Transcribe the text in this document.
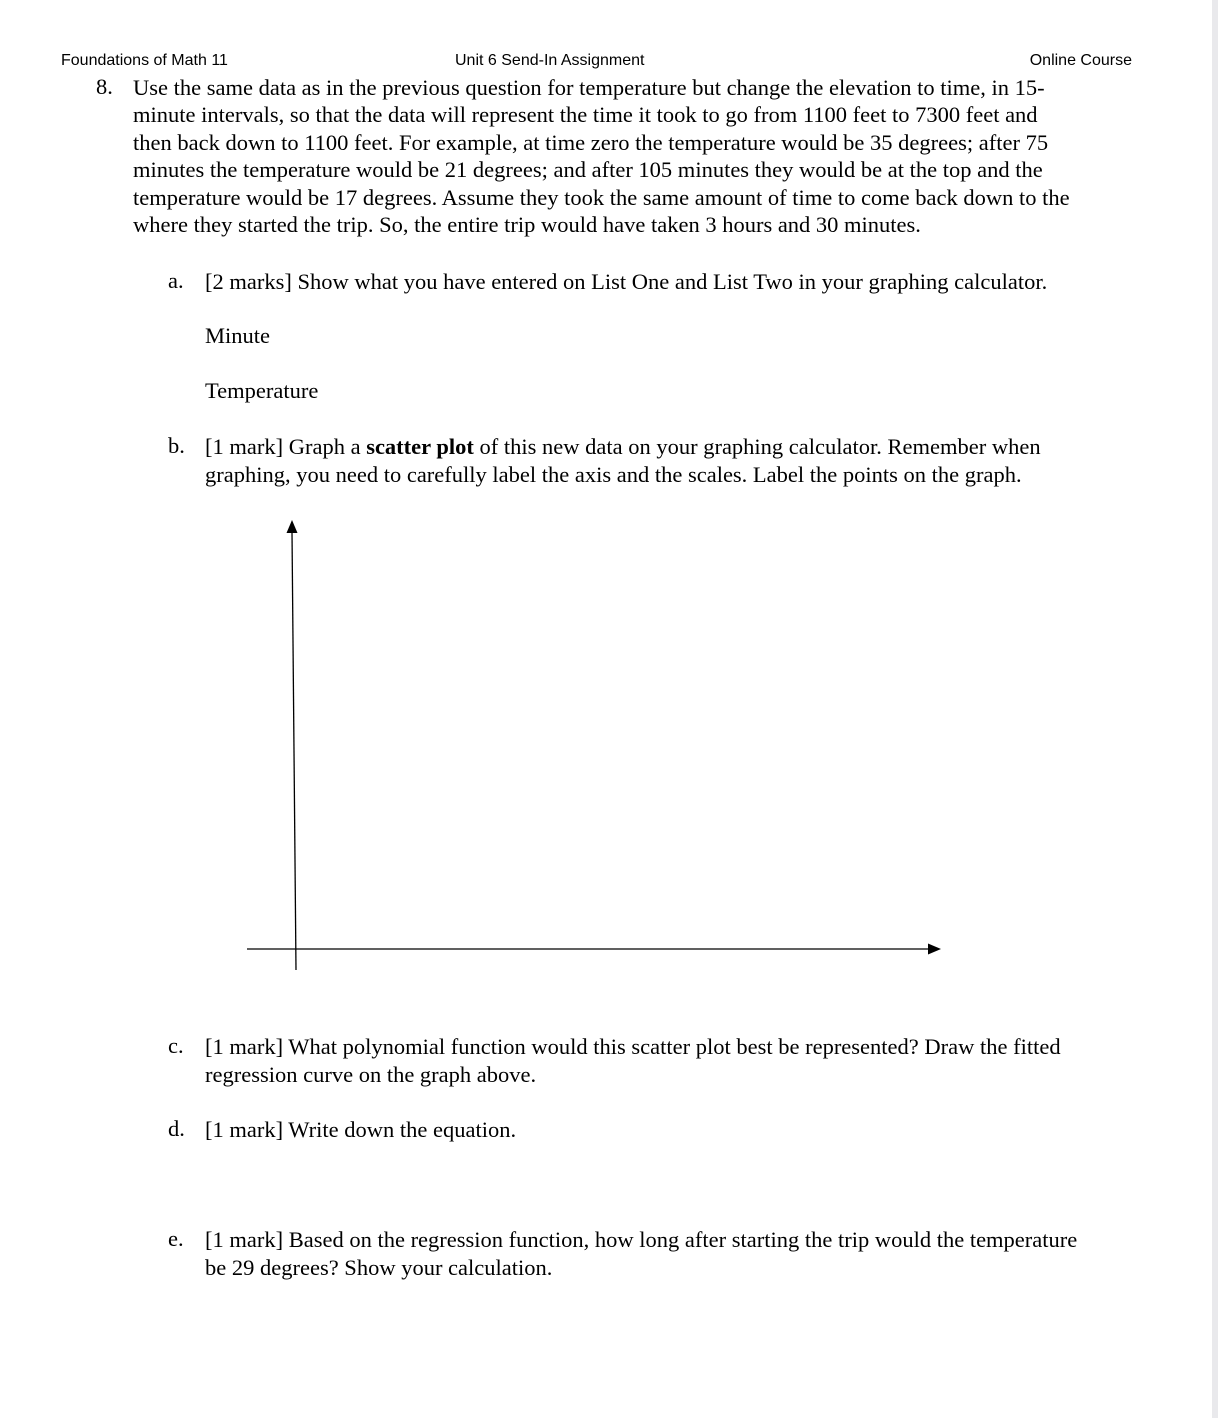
Foundations of Math 11	Unit 6 Send-In Assignment	Online Course
8. Use the same data as in the previous question for temperature but change the elevation to time, in 15-

minute intervals, so that the data will represent the time it took to go from 1100 feet to 7300 feet and

then back down to 1100 feet. For example, at time zero the temperature would be 35 degrees; after 75

minutes the temperature would be 21 degrees; and after 105 minutes they would be at the top and the

temperature would be 17 degrees. Assume they took the same amount of time to come back down to the

where they started the trip. So, the entire trip would have taken 3 hours and 30 minutes.

a. [2 marks] Show what you have entered on List One and List Two in your graphing calculator.

Minute
Temperature
b. [1 mark] Graph a scatter plot of this new data on your graphing calculator. Remember when

graphing, you need to carefully label the axis and the scales. Label the points on the graph.

c. [1 mark] What polynomial function would this scatter plot best be represented? Draw the fitted

regression curve on the graph above.

d. [1 mark] Write down the equation.

e. [1 mark] Based on the regression function, how long after starting the trip would the temperature

be 29 degrees? Show your calculation.
